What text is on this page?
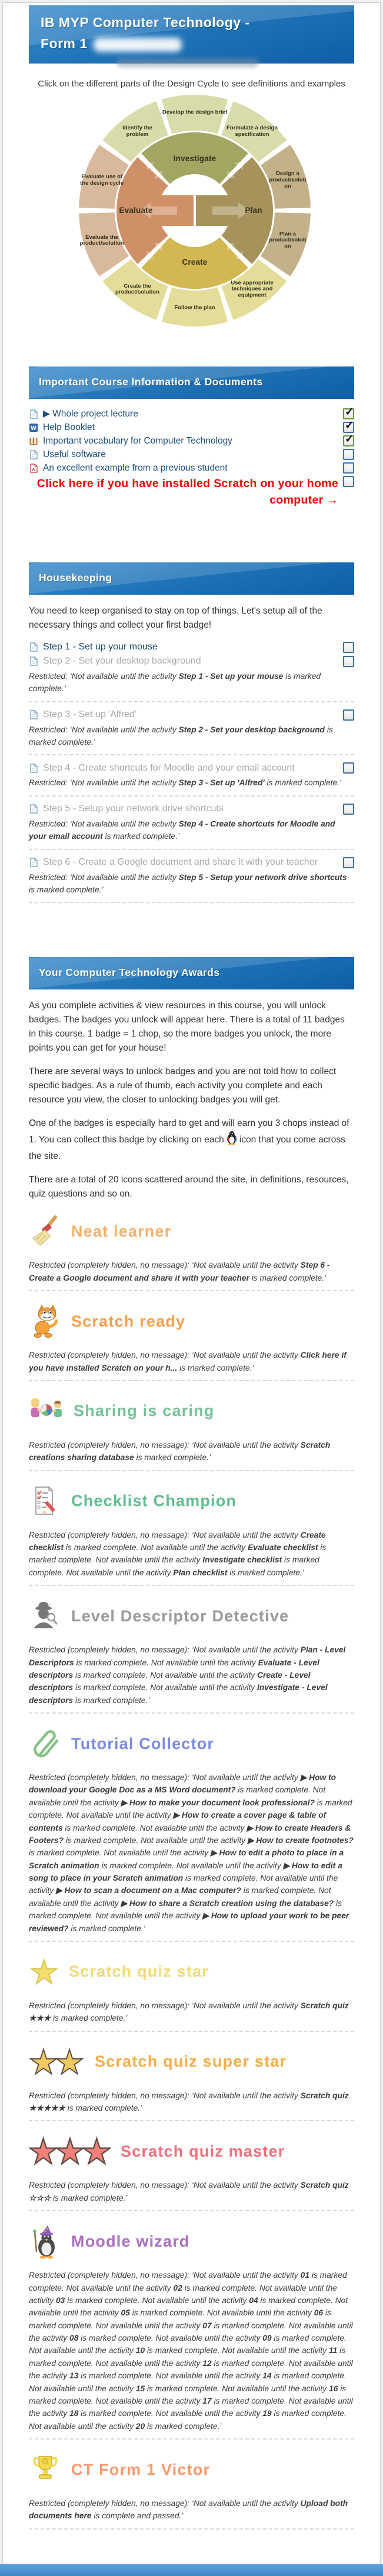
IB MYP Computer Technology -
Form 1

Click on the different parts of the Design Cycle to see definitions and examples

Investigate
Plan
Create
Evaluate
Develop the design brief
Formulate a design specification
Design a product/solution
Plan a product/solution
Use appropriate techniques and equipment
Follow the plan
Create the product/solution
Evaluate the product/solution
Evaluate use of the design cycle
Identify the problem
Important Course Information & Documents
▶ Whole project lecture
✓
W Help Booklet
✓
Important vocabulary for Computer Technology
✓
Useful software
A An excellent example from a previous student
Click here if you have installed Scratch on your home computer →
Housekeeping

You need to keep organised to stay on top of things. Let's setup all of the necessary things and collect your first badge!

Step 1 - Set up your mouse
Step 2 - Set your desktop background

Restricted: ‘Not available until the activity Step 1 - Set up your mouse is marked complete.’

Step 3 - Set up 'Alfred'

Restricted: ‘Not available until the activity Step 2 - Set your desktop background is marked complete.’

Step 4 - Create shortcuts for Moodle and your email account

Restricted: ‘Not available until the activity Step 3 - Set up 'Alfred' is marked complete.’

Step 5 - Setup your network drive shortcuts

Restricted: ‘Not available until the activity Step 4 - Create shortcuts for Moodle and your email account is marked complete.’

Step 6 - Create a Google document and share it with your teacher

Restricted: ‘Not available until the activity Step 5 - Setup your network drive shortcuts is marked complete.’

Your Computer Technology Awards

As you complete activities & view resources in this course, you will unlock badges. The badges you unlock will appear here. There is a total of 11 badges in this course. 1 badge = 1 chop, so the more badges you unlock, the more points you can get for your house!

There are several ways to unlock badges and you are not told how to collect specific badges. As a rule of thumb, each activity you complete and each resource you view, the closer to unlocking badges you will get.

One of the badges is especially hard to get and will earn you 3 chops instead of 1. You can collect this badge by clicking on each icon that you come across the site.

There are a total of 20 icons scattered around the site, in definitions, resources, quiz questions and so on.

Neat learner

Restricted (completely hidden, no message): ‘Not available until the activity Step 6 - Create a Google document and share it with your teacher is marked complete.’

Scratch ready

Restricted (completely hidden, no message): ‘Not available until the activity Click here if you have installed Scratch on your h... is marked complete.’

Sharing is caring

Restricted (completely hidden, no message): ‘Not available until the activity Scratch creations sharing database is marked complete.’

Checklist Champion

Restricted (completely hidden, no message): ‘Not available until the activity Create checklist is marked complete. Not available until the activity Evaluate checklist is marked complete. Not available until the activity Investigate checklist is marked complete. Not available until the activity Plan checklist is marked complete.’

Level Descriptor Detective

Restricted (completely hidden, no message): ‘Not available until the activity Plan - Level Descriptors is marked complete. Not available until the activity Evaluate - Level descriptors is marked complete. Not available until the activity Create - Level descriptors is marked complete. Not available until the activity Investigate - Level descriptors is marked complete.’

Tutorial Collector

Restricted (completely hidden, no message): ‘Not available until the activity ▶ How to download your Google Doc as a MS Word document? is marked complete. Not available until the activity ▶ How to make your document look professional? is marked complete. Not available until the activity ▶ How to create a cover page & table of contents is marked complete. Not available until the activity ▶ How to create Headers & Footers? is marked complete. Not available until the activity ▶ How to create footnotes? is marked complete. Not available until the activity ▶ How to edit a photo to place in a Scratch animation is marked complete. Not available until the activity ▶ How to edit a song to place in your Scratch animation is marked complete. Not available until the activity ▶ How to scan a document on a Mac computer? is marked complete. Not available until the activity ▶ How to share a Scratch creation using the database? is marked complete. Not available until the activity ▶ How to upload your work to be peer reviewed? is marked complete.’

Scratch quiz star

Restricted (completely hidden, no message): ‘Not available until the activity Scratch quiz ★★★ is marked complete.’

Scratch quiz super star

Restricted (completely hidden, no message): ‘Not available until the activity Scratch quiz ★★★★★ is marked complete.’

Scratch quiz master

Restricted (completely hidden, no message): ‘Not available until the activity Scratch quiz ☆☆☆ is marked complete.’

Moodle wizard

Restricted (completely hidden, no message): ‘Not available until the activity 01 is marked complete. Not available until the activity 02 is marked complete. Not available until the activity 03 is marked complete. Not available until the activity 04 is marked complete. Not available until the activity 05 is marked complete. Not available until the activity 06 is marked complete. Not available until the activity 07 is marked complete. Not available until the activity 08 is marked complete. Not available until the activity 09 is marked complete. Not available until the activity 10 is marked complete. Not available until the activity 11 is marked complete. Not available until the activity 12 is marked complete. Not available until the activity 13 is marked complete. Not available until the activity 14 is marked complete. Not available until the activity 15 is marked complete. Not available until the activity 16 is marked complete. Not available until the activity 17 is marked complete. Not available until the activity 18 is marked complete. Not available until the activity 19 is marked complete. Not available until the activity 20 is marked complete.’

CT Form 1 Victor

Restricted (completely hidden, no message): ‘Not available until the activity Upload both documents here is complete and passed.’
